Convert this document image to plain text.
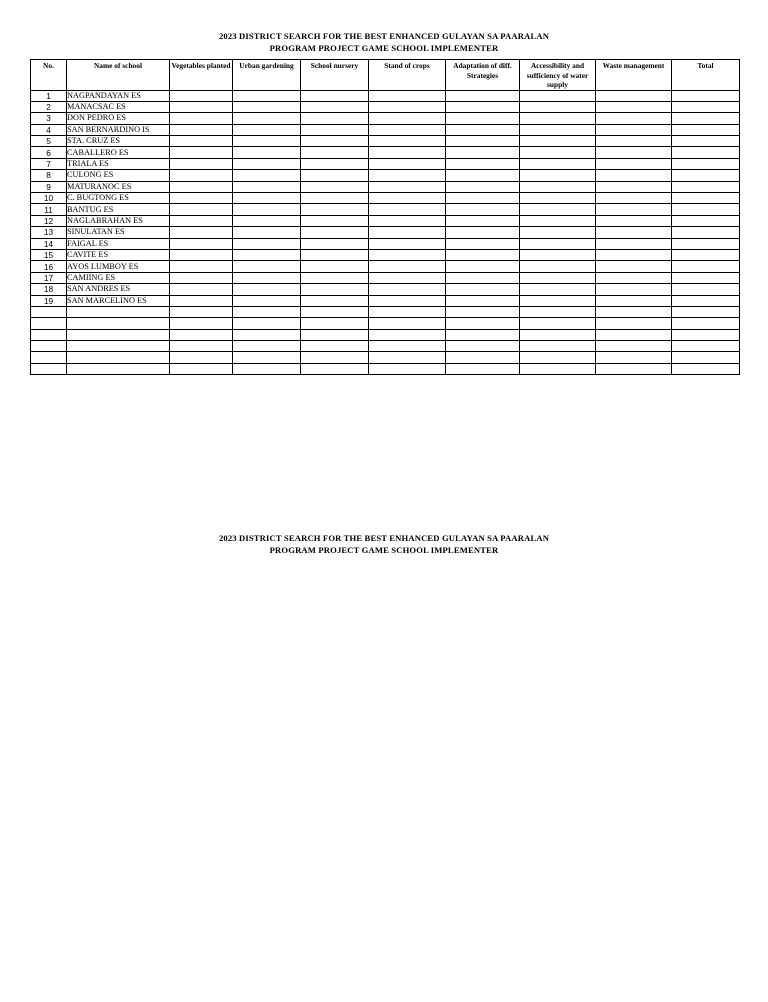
2023 DISTRICT SEARCH FOR THE BEST ENHANCED GULAYAN SA PAARALAN
PROGRAM PROJECT GAME SCHOOL IMPLEMENTER
No.	Name of school	Vegetables planted	Urban gardening	School nursery	Stand of crops	Adaptation of diff. Strategies	Accessibility and sufficiency of water supply	Waste management	Total
1	NAGPANDAYAN ES								
2	MANACSAC ES								
3	DON PEDRO ES								
4	SAN BERNARDINO IS								
5	STA. CRUZ ES								
6	CABALLERO ES								
7	TRIALA ES								
8	CULONG ES								
9	MATURANOC ES								
10	C. BUGTONG ES								
11	BANTUG ES								
12	NAGLABRAHAN ES								
13	SINULATAN ES								
14	FAIGAL ES								
15	CAVITE ES								
16	AYOS LUMBOY ES								
17	CAMIING ES								
18	SAN ANDRES ES								
19	SAN MARCELINO ES								

2023 DISTRICT SEARCH FOR THE BEST ENHANCED GULAYAN SA PAARALAN
PROGRAM PROJECT GAME SCHOOL IMPLEMENTER
